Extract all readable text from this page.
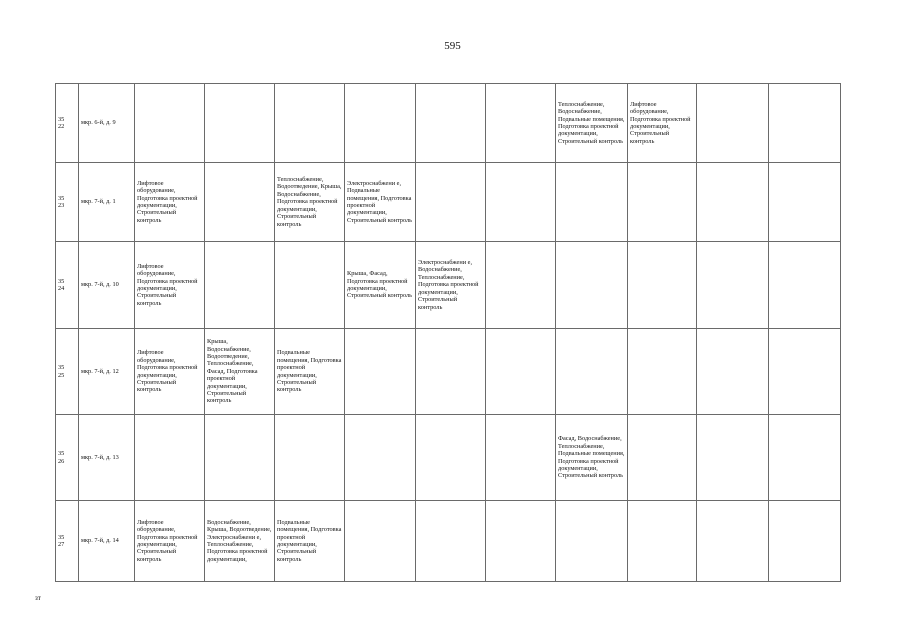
595
35
22	мкр. 6-й, д. 9							Теплоснабжение, Водоснабжение, Подвальные помещения, Подготовка проектной документации, Строительный контроль	Лифтовое оборудование, Подготовка проектной документации, Строительный контроль		

35
23	мкр. 7-й, д. 1	Лифтовое оборудование, Подготовка проектной документации, Строительный контроль		Теплоснабжение, Водоотведение, Крыша, Водоснабжение, Подготовка проектной документации, Строительный контроль	Электроснабжени е, Подвальные помещения, Подготовка проектной документации, Строительный контроль						

35
24	мкр. 7-й, д. 10	Лифтовое оборудование, Подготовка проектной документации, Строительный контроль			Крыша, Фасад, Подготовка проектной документации, Строительный контроль	Электроснабжени е, Водоснабжение, Теплоснабжение, Подготовка проектной документации, Строительный контроль					

35
25	мкр. 7-й, д. 12	Лифтовое оборудование, Подготовка проектной документации, Строительный контроль	Крыша, Водоснабжение, Водоотведение, Теплоснабжение, Фасад, Подготовка проектной документации, Строительный контроль	Подвальные помещения, Подготовка проектной документации, Строительный контроль							

35
26	мкр. 7-й, д. 13							Фасад, Водоснабжение, Теплоснабжение, Подвальные помещения, Подготовка проектной документации, Строительный контроль			

35
27	мкр. 7-й, д. 14	Лифтовое оборудование, Подготовка проектной документации, Строительный контроль	Водоснабжение, Крыша, Водоотведение, Электроснабжени е, Теплоснабжение, Подготовка проектной документации,	Подвальные помещения, Подготовка проектной документации, Строительный контроль							
зт
